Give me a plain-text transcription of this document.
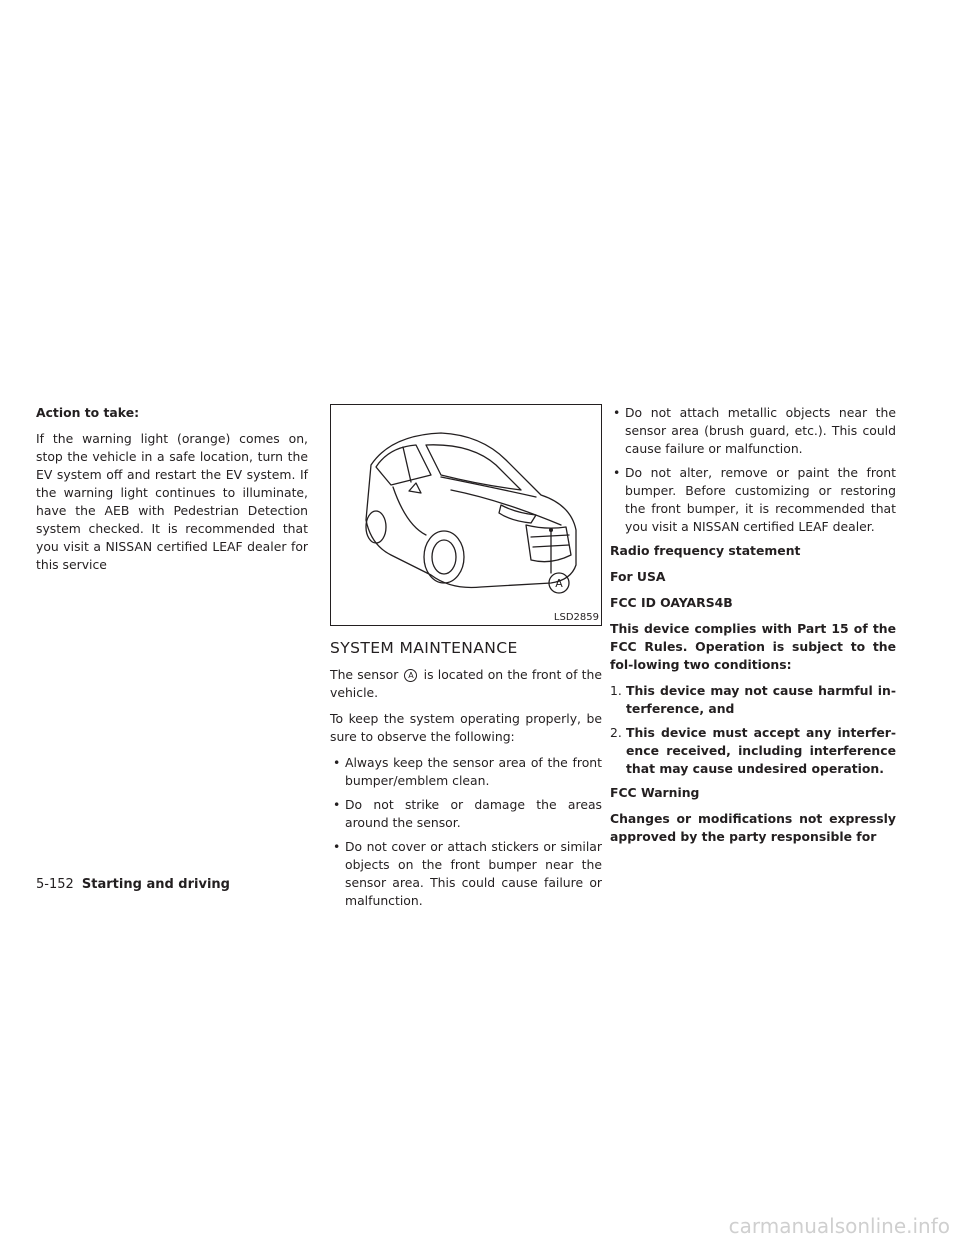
Action to take:

If the warning light (orange) comes on, stop the vehicle in a safe location, turn the EV system off and restart the EV system. If the warning light continues to illuminate, have the AEB with Pedestrian Detection system checked. It is recommended that you visit a NISSAN certified LEAF dealer for this service

A
LSD2859
SYSTEM MAINTENANCE

The sensor A is located on the front of the vehicle.

To keep the system operating properly, be sure to observe the following:

• Always keep the sensor area of the front bumper/emblem clean.
• Do not strike or damage the areas around the sensor.
• Do not cover or attach stickers or similar objects on the front bumper near the sensor area. This could cause failure or malfunction.
• Do not attach metallic objects near the sensor area (brush guard, etc.). This could cause failure or malfunction.
• Do not alter, remove or paint the front bumper. Before customizing or restoring the front bumper, it is recommended that you visit a NISSAN certified LEAF dealer.

Radio frequency statement

For USA

FCC ID OAYARS4B

This device complies with Part 15 of the FCC Rules. Operation is subject to the fol-lowing two conditions:

1. This device may not cause harmful in-terference, and
2. This device must accept any interfer-ence received, including interference that may cause undesired operation.

FCC Warning

Changes or modifications not expressly approved by the party responsible for

5-152 Starting and driving
carmanualsonline.info
